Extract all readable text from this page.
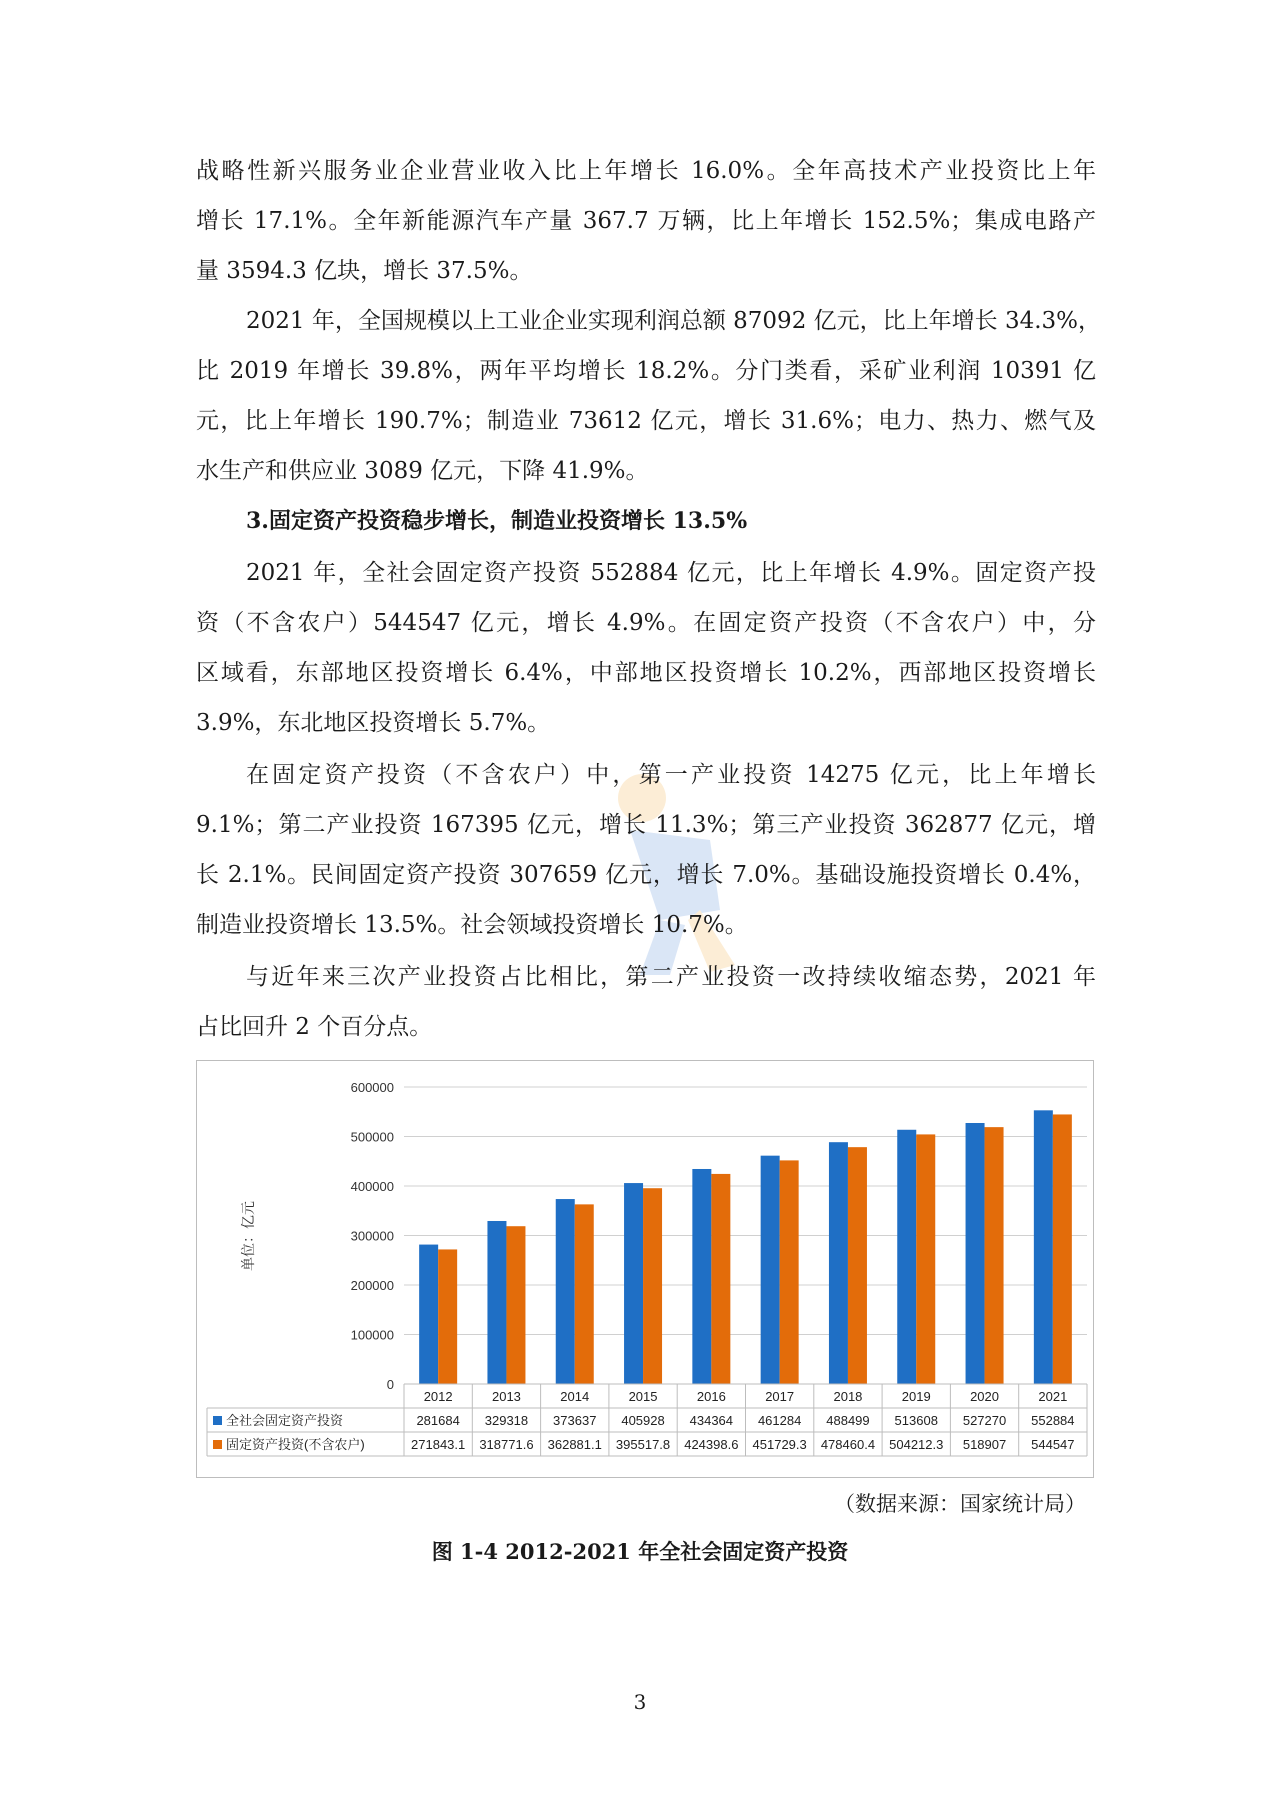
战略性新兴服务业企业营业收入比上年增长 16.0%。全年高技术产业投资比上年
增长 17.1%。全年新能源汽车产量 367.7 万辆，比上年增长 152.5%；集成电路产
量 3594.3 亿块，增长 37.5%。
2021 年，全国规模以上工业企业实现利润总额 87092 亿元，比上年增长 34.3%，
比 2019 年增长 39.8%，两年平均增长 18.2%。分门类看，采矿业利润 10391 亿
元，比上年增长 190.7%；制造业 73612 亿元，增长 31.6%；电力、热力、燃气及
水生产和供应业 3089 亿元，下降 41.9%。

3.固定资产投资稳步增长，制造业投资增长 13.5%

2021 年，全社会固定资产投资 552884 亿元，比上年增长 4.9%。固定资产投
资（不含农户）544547 亿元，增长 4.9%。在固定资产投资（不含农户）中，分
区域看，东部地区投资增长 6.4%，中部地区投资增长 10.2%，西部地区投资增长
3.9%，东北地区投资增长 5.7%。
在固定资产投资（不含农户）中，第一产业投资 14275 亿元，比上年增长
9.1%；第二产业投资 167395 亿元，增长 11.3%；第三产业投资 362877 亿元，增
长 2.1%。民间固定资产投资 307659 亿元，增长 7.0%。基础设施投资增长 0.4%，
制造业投资增长 13.5%。社会领域投资增长 10.7%。
与近年来三次产业投资占比相比，第二产业投资一改持续收缩态势，2021 年
占比回升 2 个百分点。
0
100000
200000
300000
400000
500000
600000
单位：亿元
2012	2013	2014	2015	2016	2017	2018	2019	2020	2021
全社会固定资产投资	281684 329318 373637 405928 434364 461284 488499 513608 527270 552884
固定资产投资(不含农户)	271843.1 318771.6 362881.1 395517.8 424398.6 451729.3 478460.4 504212.3 518907 544547
（数据来源：国家统计局）
图 1-4 2012-2021 年全社会固定资产投资
3
